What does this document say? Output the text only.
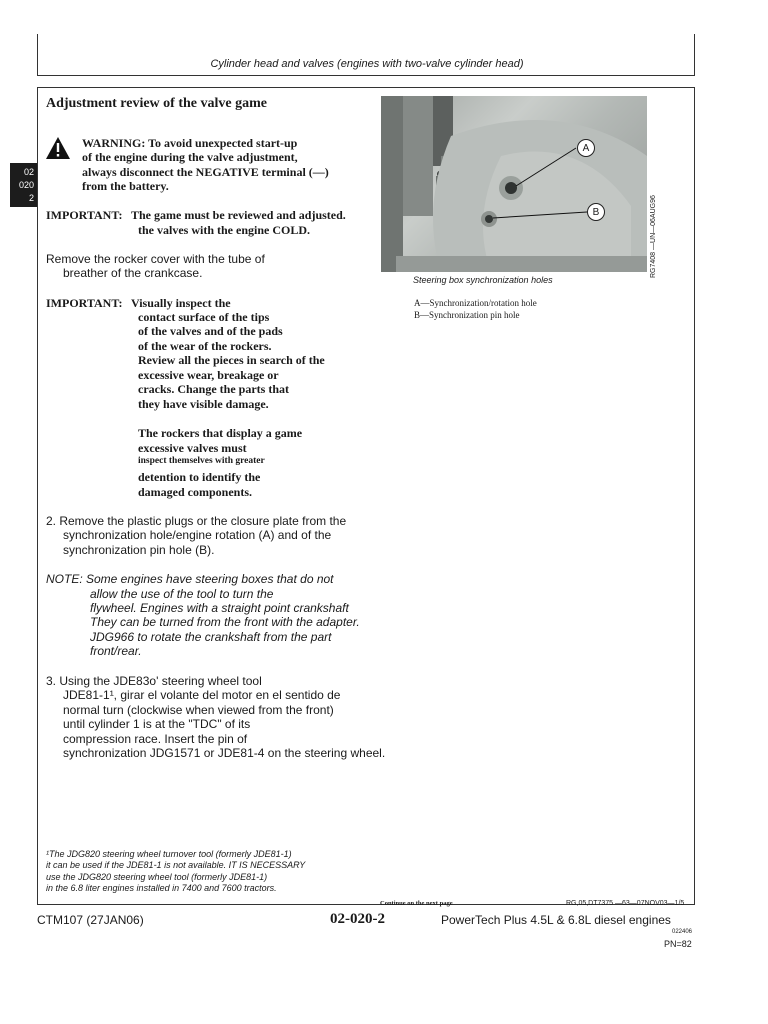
Cylinder head and valves (engines with two-valve cylinder head)
02
020
2
Adjustment review of the valve game
WARNING: To avoid unexpected start-up
of the engine during the valve adjustment,
always disconnect the NEGATIVE terminal (—)
from the battery.
IMPORTANT: The game must be reviewed and adjusted.
the valves with the engine COLD.
Remove the rocker cover with the tube of
breather of the crankcase.
IMPORTANT: Visually inspect the
contact surface of the tips
of the valves and of the pads
of the wear of the rockers.
Review all the pieces in search of the
excessive wear, breakage or
cracks. Change the parts that
they have visible damage.
The rockers that display a game
excessive valves must
inspect themselves with greater
detention to identify the
damaged components.
2. Remove the plastic plugs or the closure plate from the
synchronization hole/engine rotation (A) and of the
synchronization pin hole (B).
NOTE: Some engines have steering boxes that do not
allow the use of the tool to turn the
flywheel. Engines with a straight point crankshaft
They can be turned from the front with the adapter.
JDG966 to rotate the crankshaft from the part
front/rear.
3. Using the JDE83o' steering wheel tool
JDE81-1¹, girar el volante del motor en el sentido de
normal turn (clockwise when viewed from the front)
until cylinder 1 is at the "TDC" of its
compression race. Insert the pin of
synchronization JDG1571 or JDE81-4 on the steering wheel.
¹The JDG820 steering wheel turnover tool (formerly JDE81-1)
it can be used if the JDE81-1 is not available. IT IS NECESSARY
use the JDG820 steering wheel tool (formerly JDE81-1)
in the 6.8 liter engines installed in 7400 and 7600 tractors.
A
B	RG7408 —UN—06AUG96
Steering box synchronization holes
A—Synchronization/rotation hole
B—Synchronization pin hole
Continue on the next page	RG,05,DT7375 —63—07NOV03—1/5
CTM107 (27JAN06)	02-020-2	PowerTech Plus 4.5L & 6.8L diesel engines
022406
PN=82
